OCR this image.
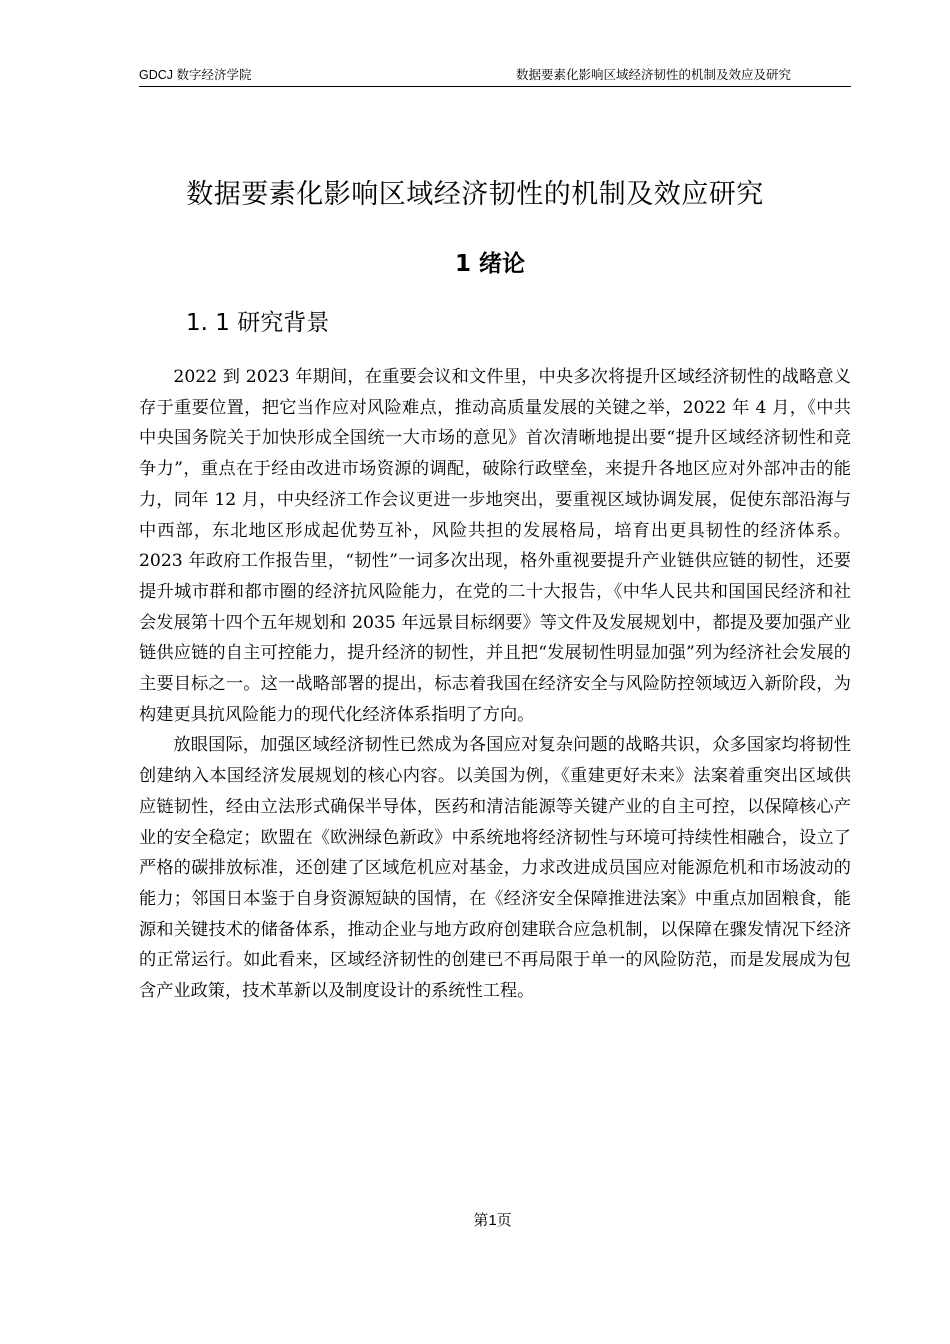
GDCJ 数字经济学院	数据要素化影响区域经济韧性的机制及效应及研究
数据要素化影响区域经济韧性的机制及效应研究
1 绪论
1. 1 研究背景

2022 到 2023 年期间，在重要会议和文件里，中央多次将提升区域经济韧性的战略意义存于重要位置，把它当作应对风险难点，推动高质量发展的关键之举，2022 年 4 月，《中共中央国务院关于加快形成全国统一大市场的意见》首次清晰地提出要“提升区域经济韧性和竞争力”，重点在于经由改进市场资源的调配，破除行政壁垒，来提升各地区应对外部冲击的能力，同年 12 月，中央经济工作会议更进一步地突出，要重视区域协调发展，促使东部沿海与中西部，东北地区形成起优势互补，风险共担的发展格局，培育出更具韧性的经济体系。2023 年政府工作报告里，“韧性”一词多次出现，格外重视要提升产业链供应链的韧性，还要提升城市群和都市圈的经济抗风险能力，在党的二十大报告，《中华人民共和国国民经济和社会发展第十四个五年规划和 2035 年远景目标纲要》等文件及发展规划中，都提及要加强产业链供应链的自主可控能力，提升经济的韧性，并且把“发展韧性明显加强”列为经济社会发展的主要目标之一。这一战略部署的提出，标志着我国在经济安全与风险防控领域迈入新阶段，为构建更具抗风险能力的现代化经济体系指明了方向。

放眼国际，加强区域经济韧性已然成为各国应对复杂问题的战略共识，众多国家均将韧性创建纳入本国经济发展规划的核心内容。以美国为例，《重建更好未来》法案着重突出区域供应链韧性，经由立法形式确保半导体，医药和清洁能源等关键产业的自主可控，以保障核心产业的安全稳定；欧盟在《欧洲绿色新政》中系统地将经济韧性与环境可持续性相融合，设立了严格的碳排放标准，还创建了区域危机应对基金，力求改进成员国应对能源危机和市场波动的能力；邻国日本鉴于自身资源短缺的国情，在《经济安全保障推进法案》中重点加固粮食，能源和关键技术的储备体系，推动企业与地方政府创建联合应急机制，以保障在骤发情况下经济的正常运行。如此看来，区域经济韧性的创建已不再局限于单一的风险防范，而是发展成为包含产业政策，技术革新以及制度设计的系统性工程。

第1页
